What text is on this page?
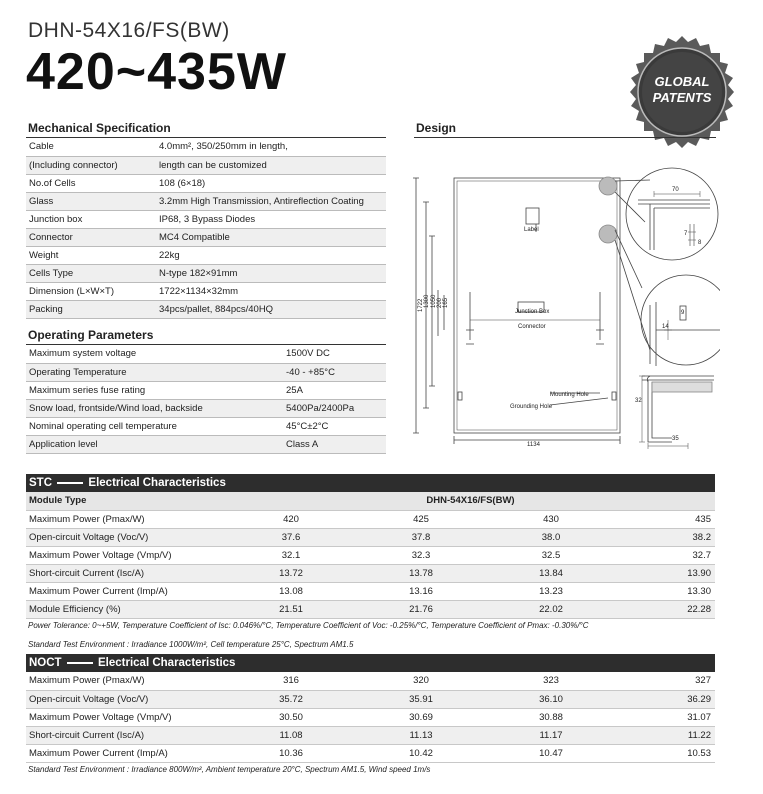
DHN-54X16/FS(BW)
420~435W	GLOBAL
PATENTS
Mechanical Specification
Cable	4.0mm², 350/250mm in length,
(Including connector)	length can be customized
No.of Cells	108 (6×18)
Glass	3.2mm High Transmission, Antireflection Coating
Junction box	IP68, 3 Bypass Diodes
Connector	MC4 Compatible
Weight	22kg
Cells Type	N-type 182×91mm
Dimension (L×W×T)	1722×1134×32mm
Packing	34pcs/pallet, 884pcs/40HQ
Operating Parameters
Maximum system voltage	1500V DC
Operating Temperature	-40 - +85°C
Maximum series fuse rating	25A
Snow load, frontside/Wind load, backside	5400Pa/2400Pa
Nominal operating cell temperature	45°C±2°C
Application level	Class A
Design
Label
Junction Box
Connector
Mounting Hole
Grounding Hole
1134
1722 1300 1050 200 165
70
7
8
14
9
32
35
STC	Electrical Characteristics
Module Type	DHN-54X16/FS(BW)			
Maximum Power (Pmax/W)	420	425	430	435
Open-circuit Voltage (Voc/V)	37.6	37.8	38.0	38.2
Maximum Power Voltage (Vmp/V)	32.1	32.3	32.5	32.7
Short-circuit Current (Isc/A)	13.72	13.78	13.84	13.90
Maximum Power Current (Imp/A)	13.08	13.16	13.23	13.30
Module Efficiency (%)	21.51	21.76	22.02	22.28
Power Tolerance: 0~+5W, Temperature Coefficient of Isc: 0.046%/°C, Temperature Coefficient of Voc: -0.25%/°C, Temperature Coefficient of Pmax: -0.30%/°C
Standard Test Environment : Irradiance 1000W/m², Cell temperature 25°C, Spectrum AM1.5
NOCT	Electrical Characteristics
Maximum Power (Pmax/W)	316	320	323	327
Open-circuit Voltage (Voc/V)	35.72	35.91	36.10	36.29
Maximum Power Voltage (Vmp/V)	30.50	30.69	30.88	31.07
Short-circuit Current (Isc/A)	11.08	11.13	11.17	11.22
Maximum Power Current (Imp/A)	10.36	10.42	10.47	10.53
Standard Test Environment : Irradiance 800W/m², Ambient temperature 20°C, Spectrum AM1.5, Wind speed 1m/s
